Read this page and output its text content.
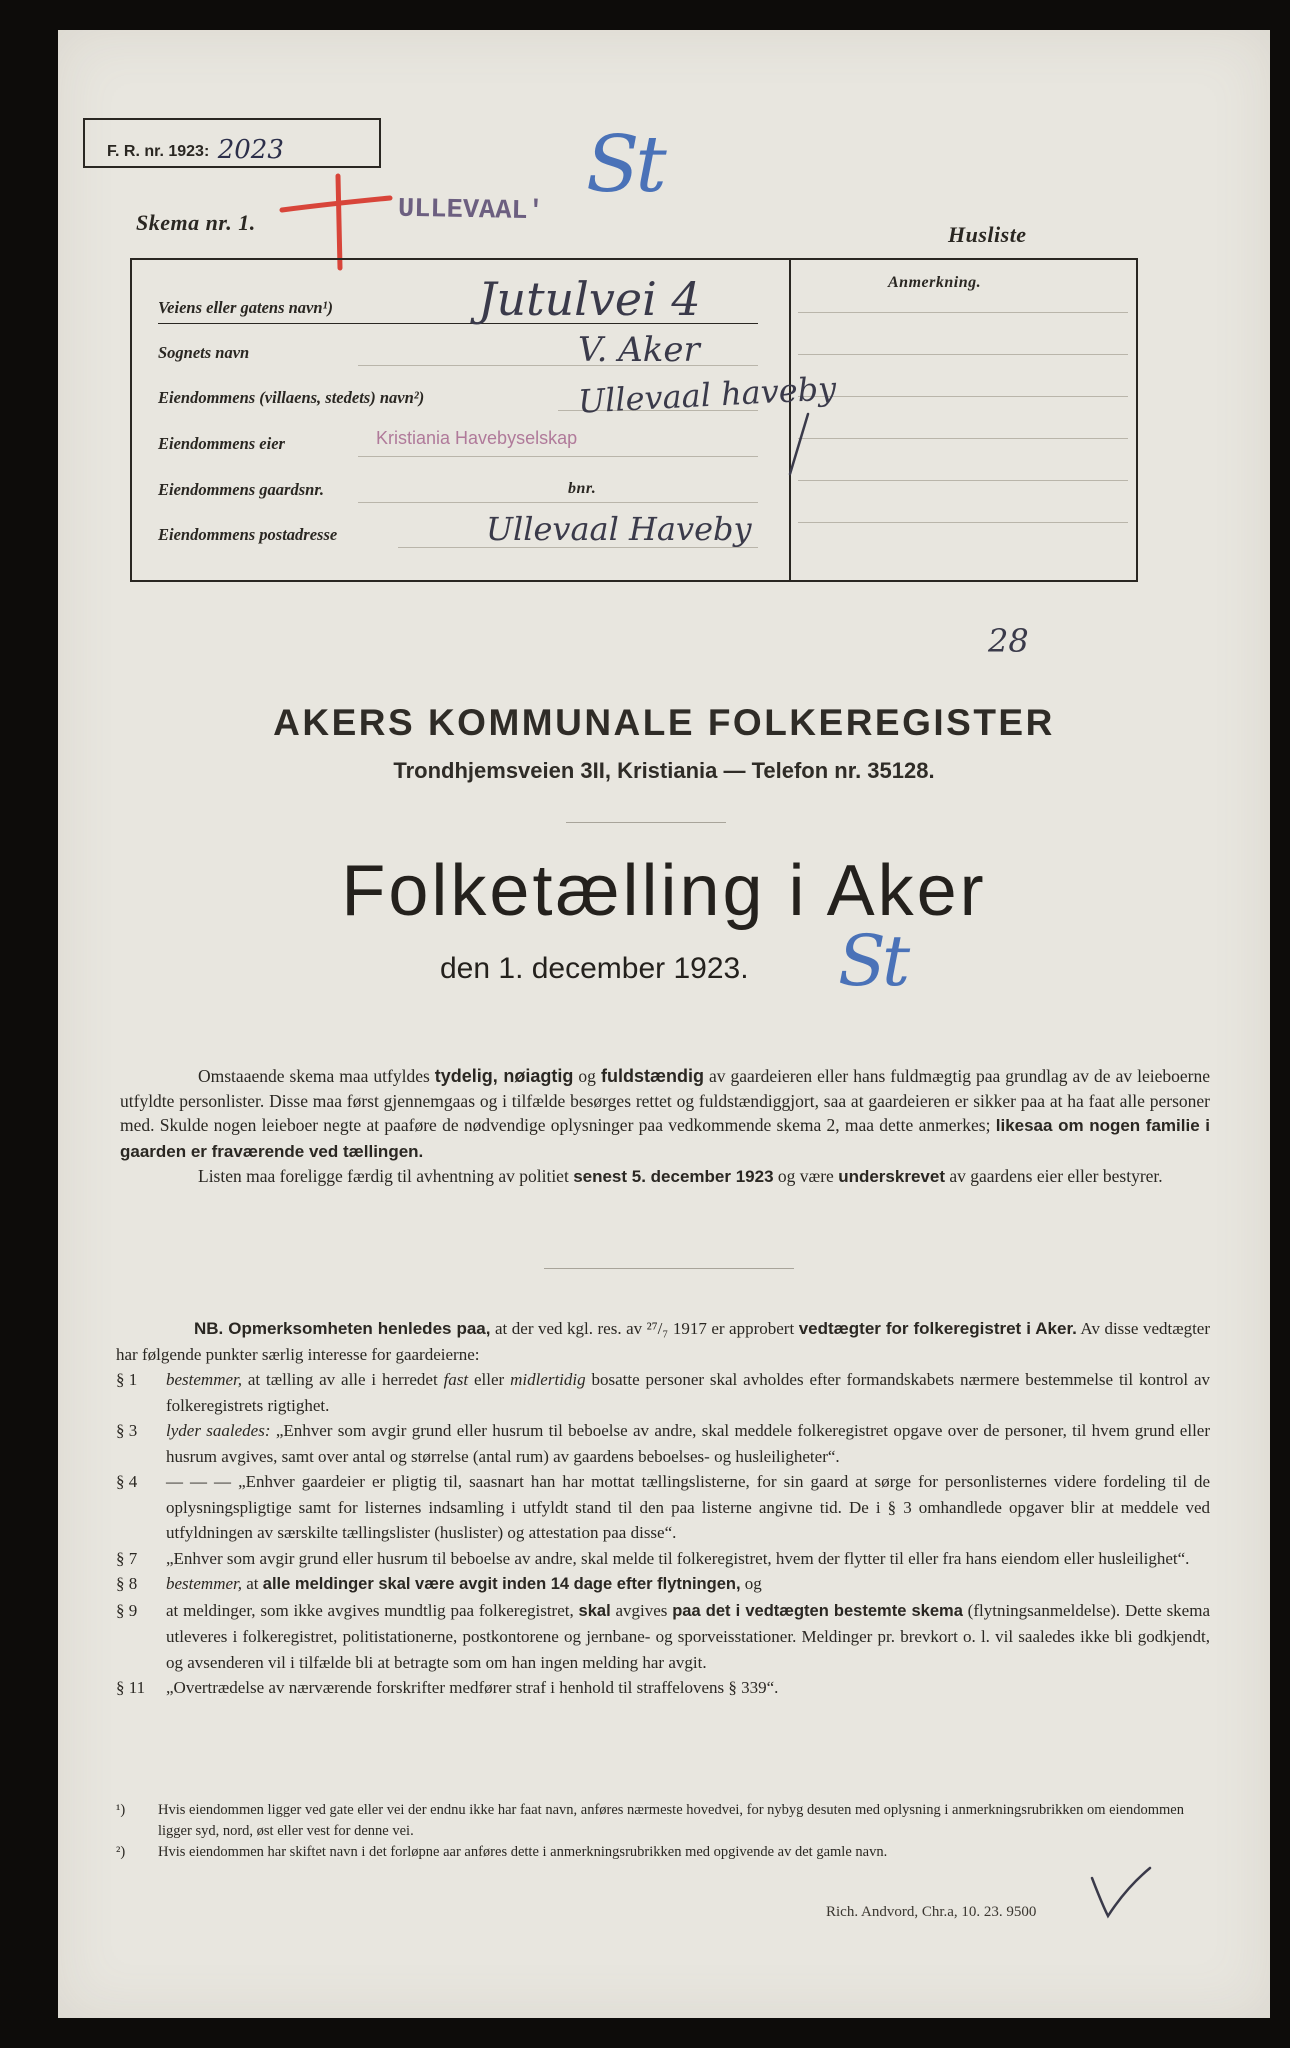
F. R. nr. 1923: 2023	St
ULLEVAAL'
Skema nr. 1.	Husliste
Anmerkning.
Veiens eller gatens navn¹)	Jutulvei 4
Sognets navn	V. Aker
Eiendommens (villaens, stedets) navn²)	Ullevaal haveby
Eiendommens eier	Kristiania Havebyselskap
Eiendommens gaardsnr.	bnr.
Eiendommens postadresse	Ullevaal Haveby
28
AKERS KOMMUNALE FOLKEREGISTER
Trondhjemsveien 3II, Kristiania — Telefon nr. 35128.
Folketælling i Aker
den 1. december 1923. St

Omstaaende skema maa utfyldes tydelig, nøiagtig og fuldstændig av gaardeieren eller hans fuldmægtig paa grundlag av de av leieboerne utfyldte personlister. Disse maa først gjennemgaas og i tilfælde besørges rettet og fuldstændiggjort, saa at gaardeieren er sikker paa at ha faat alle personer med. Skulde nogen leieboer negte at paaføre de nødvendige oplysninger paa vedkommende skema 2, maa dette anmerkes; likesaa om nogen familie i gaarden er fraværende ved tællingen.

Listen maa foreligge færdig til avhentning av politiet senest 5. december 1923 og være underskrevet av gaardens eier eller bestyrer.

NB. Opmerksomheten henledes paa, at der ved kgl. res. av ²⁷/₇ 1917 er approbert vedtægter for folkeregistret i Aker. Av disse vedtægter har følgende punkter særlig interesse for gaardeierne:

§ 1 bestemmer, at tælling av alle i herredet fast eller midlertidig bosatte personer skal avholdes efter formandskabets nærmere bestemmelse til kontrol av folkeregistrets rigtighet.
§ 3 lyder saaledes: „Enhver som avgir grund eller husrum til beboelse av andre, skal meddele folkeregistret opgave over de personer, til hvem grund eller husrum avgives, samt over antal og størrelse (antal rum) av gaardens beboelses- og husleiligheter“.
§ 4 — — — „Enhver gaardeier er pligtig til, saasnart han har mottat tællingslisterne, for sin gaard at sørge for personlisternes videre fordeling til de oplysningspligtige samt for listernes indsamling i utfyldt stand til den paa listerne angivne tid. De i § 3 omhandlede opgaver blir at meddele ved utfyldningen av særskilte tællingslister (huslister) og attestation paa disse“.
§ 7 „Enhver som avgir grund eller husrum til beboelse av andre, skal melde til folkeregistret, hvem der flytter til eller fra hans eiendom eller husleilighet“.
§ 8 bestemmer, at alle meldinger skal være avgit inden 14 dage efter flytningen, og
§ 9 at meldinger, som ikke avgives mundtlig paa folkeregistret, skal avgives paa det i vedtægten bestemte skema (flytningsanmeldelse). Dette skema utleveres i folkeregistret, politistationerne, postkontorene og jernbane- og sporveisstationer. Meldinger pr. brevkort o. l. vil saaledes ikke bli godkjendt, og avsenderen vil i tilfælde bli at betragte som om han ingen melding har avgit.
§ 11 „Overtrædelse av nærværende forskrifter medfører straf i henhold til straffelovens § 339“.
¹) Hvis eiendommen ligger ved gate eller vei der endnu ikke har faat navn, anføres nærmeste hovedvei, for nybyg desuten med oplysning i anmerkningsrubrikken om eiendommen ligger syd, nord, øst eller vest for denne vei.
²) Hvis eiendommen har skiftet navn i det forløpne aar anføres dette i anmerkningsrubrikken med opgivende av det gamle navn.
Rich. Andvord, Chr.a, 10. 23. 9500
